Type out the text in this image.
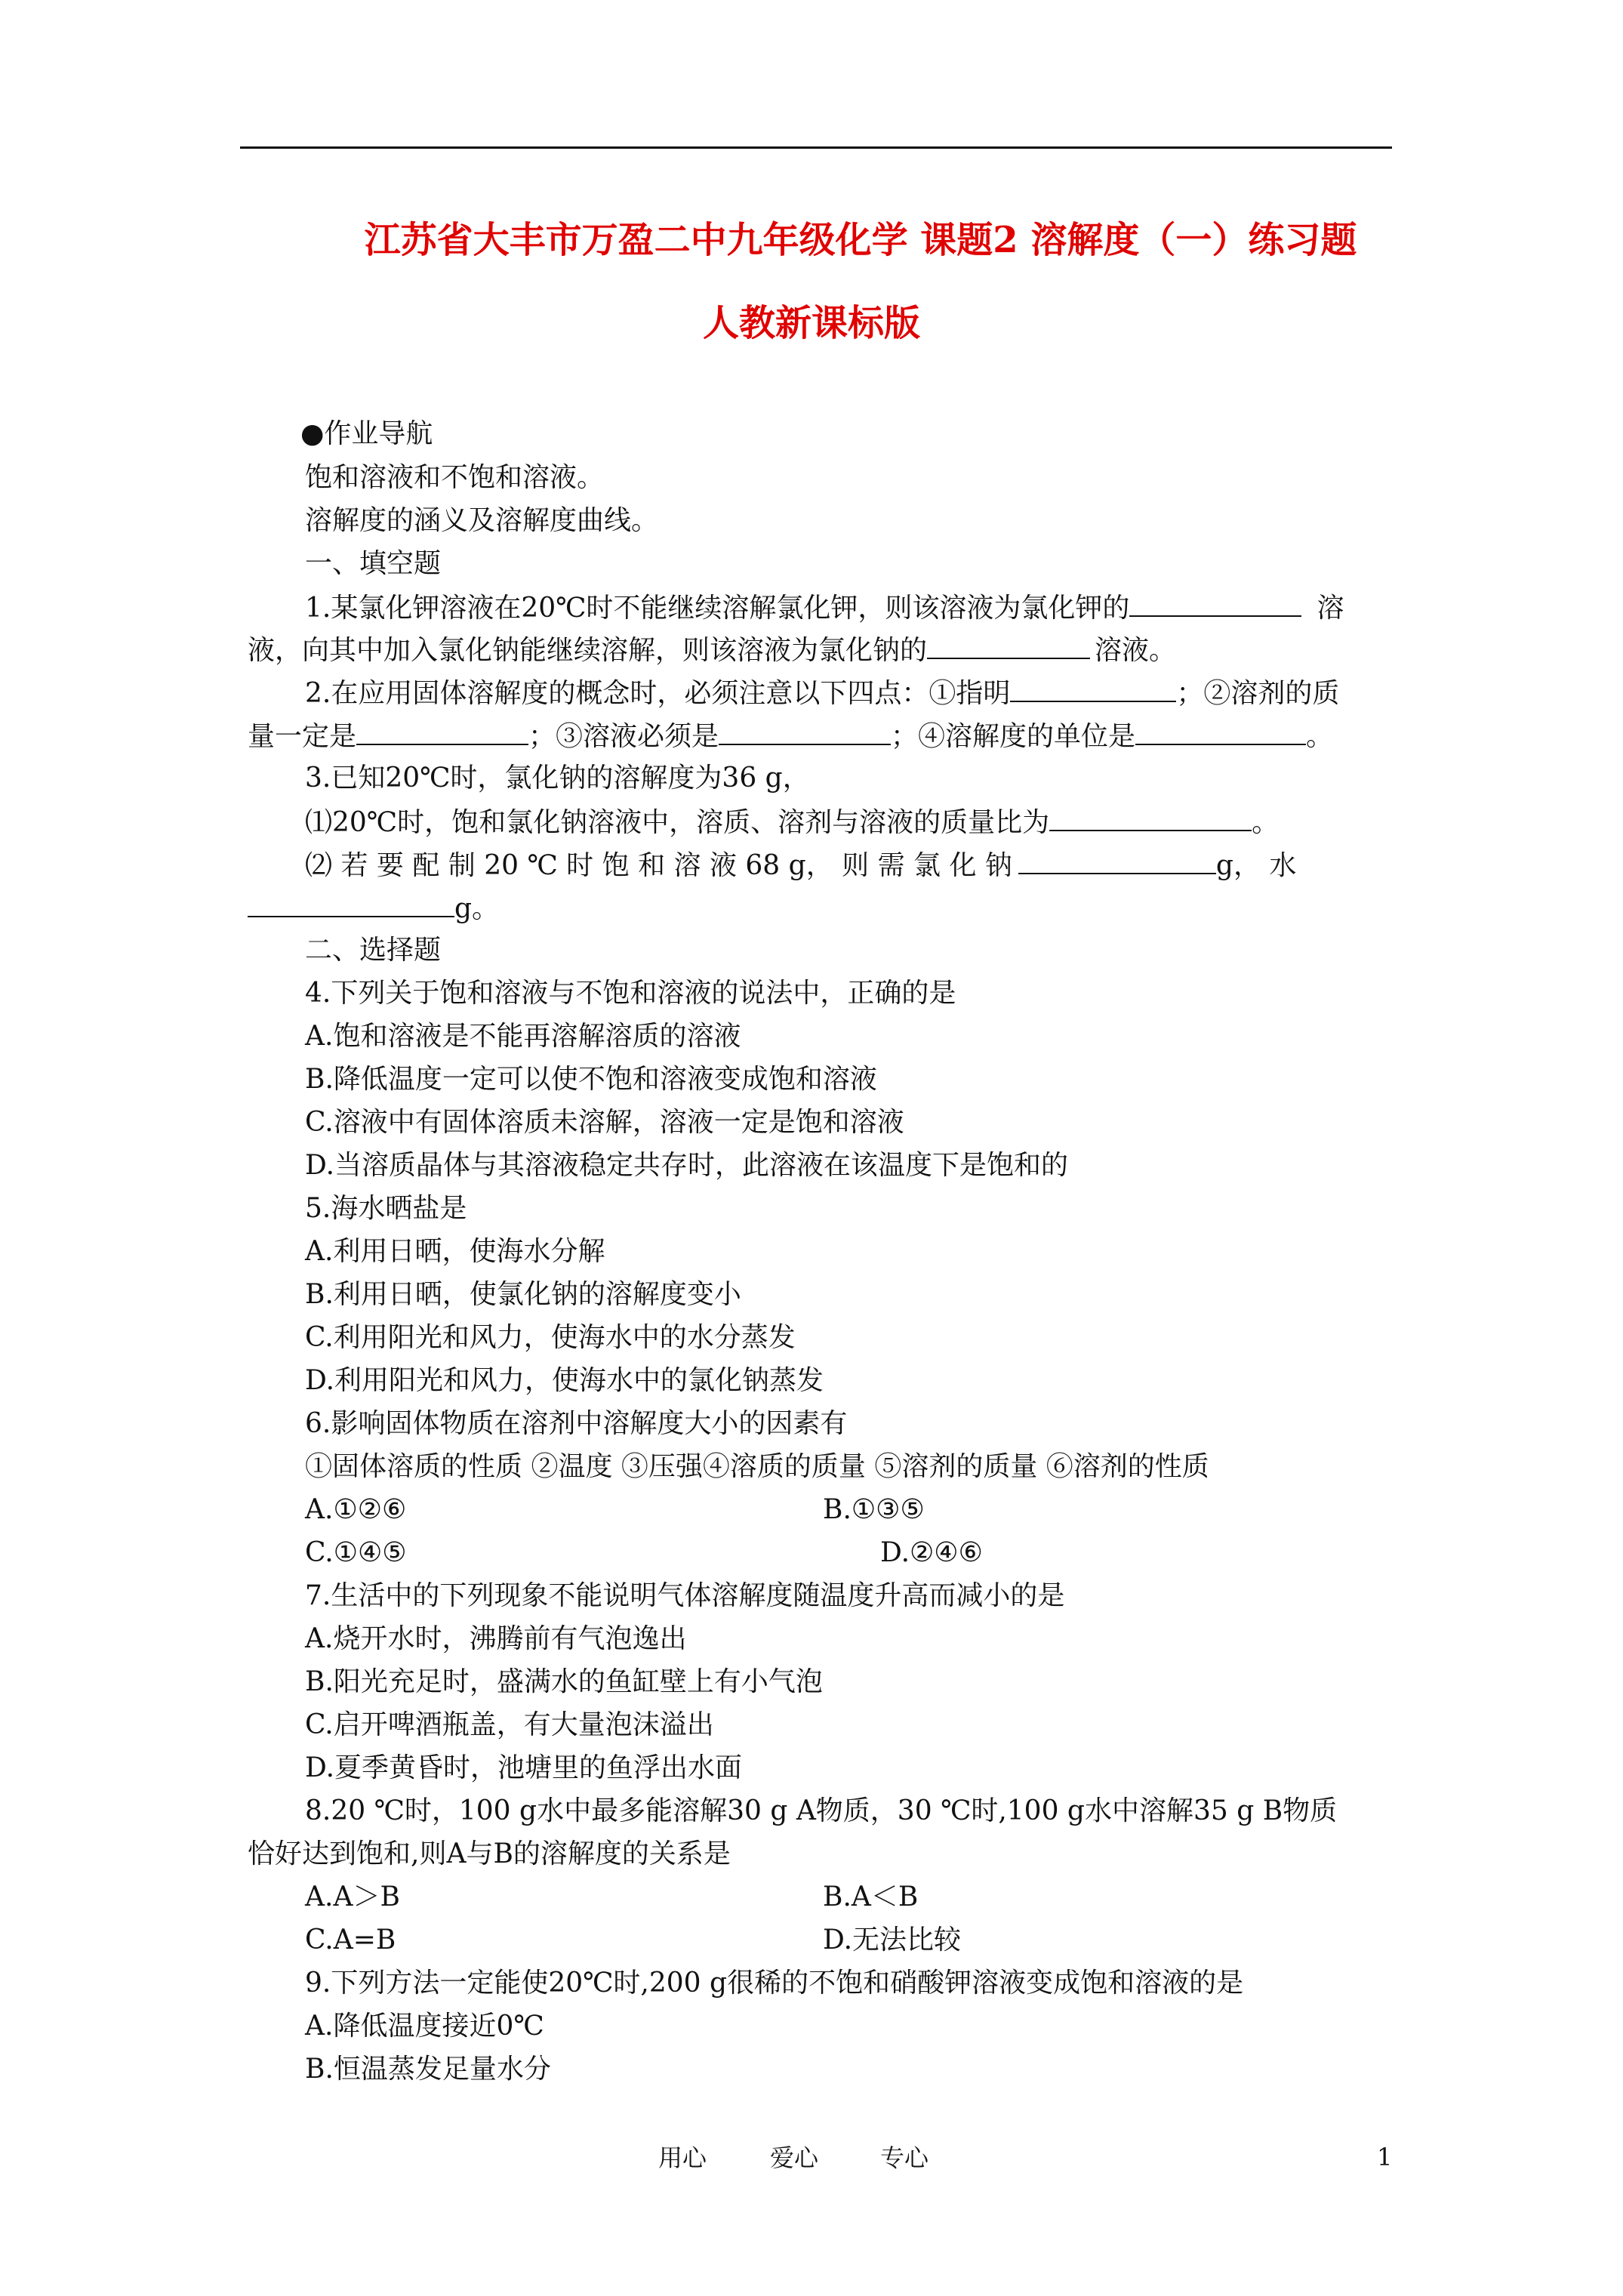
江苏省大丰市万盈二中九年级化学 课题2 溶解度（一）练习题
人教新课标版
●作业导航
饱和溶液和不饱和溶液。
溶解度的涵义及溶解度曲线。
一、填空题
1.某氯化钾溶液在20℃时不能继续溶解氯化钾，则该溶液为氯化钾的	溶
液，向其中加入氯化钠能继续溶解，则该溶液为氯化钠的	溶液。
2.在应用固体溶解度的概念时，必须注意以下四点：①指明	；②溶剂的质
量一定是	；③溶液必须是	；④溶解度的单位是	。
3.已知20℃时，氯化钠的溶解度为36 g，
⑴20℃时，饱和氯化钠溶液中，溶质、溶剂与溶液的质量比为	。
⑵ 若 要 配 制 20 ℃ 时 饱 和 溶 液 68 g， 则 需 氯 化 钠	g， 水
g。
二、选择题
4.下列关于饱和溶液与不饱和溶液的说法中，正确的是
A.饱和溶液是不能再溶解溶质的溶液
B.降低温度一定可以使不饱和溶液变成饱和溶液
C.溶液中有固体溶质未溶解，溶液一定是饱和溶液
D.当溶质晶体与其溶液稳定共存时，此溶液在该温度下是饱和的
5.海水晒盐是
A.利用日晒，使海水分解
B.利用日晒，使氯化钠的溶解度变小
C.利用阳光和风力，使海水中的水分蒸发
D.利用阳光和风力，使海水中的氯化钠蒸发
6.影响固体物质在溶剂中溶解度大小的因素有
①固体溶质的性质 ②温度 ③压强④溶质的质量 ⑤溶剂的质量 ⑥溶剂的性质
A.①②⑥	B.①③⑤
C.①④⑤	D.②④⑥
7.生活中的下列现象不能说明气体溶解度随温度升高而减小的是
A.烧开水时，沸腾前有气泡逸出
B.阳光充足时，盛满水的鱼缸壁上有小气泡
C.启开啤酒瓶盖，有大量泡沫溢出
D.夏季黄昏时，池塘里的鱼浮出水面
8.20 ℃时，100 g水中最多能溶解30 g A物质，30 ℃时,100 g水中溶解35 g B物质
恰好达到饱和,则A与B的溶解度的关系是
A.A＞B	B.A＜B
C.A=B	D.无法比较
9.下列方法一定能使20℃时,200 g很稀的不饱和硝酸钾溶液变成饱和溶液的是
A.降低温度接近0℃
B.恒温蒸发足量水分
用心	爱心	专心	1
